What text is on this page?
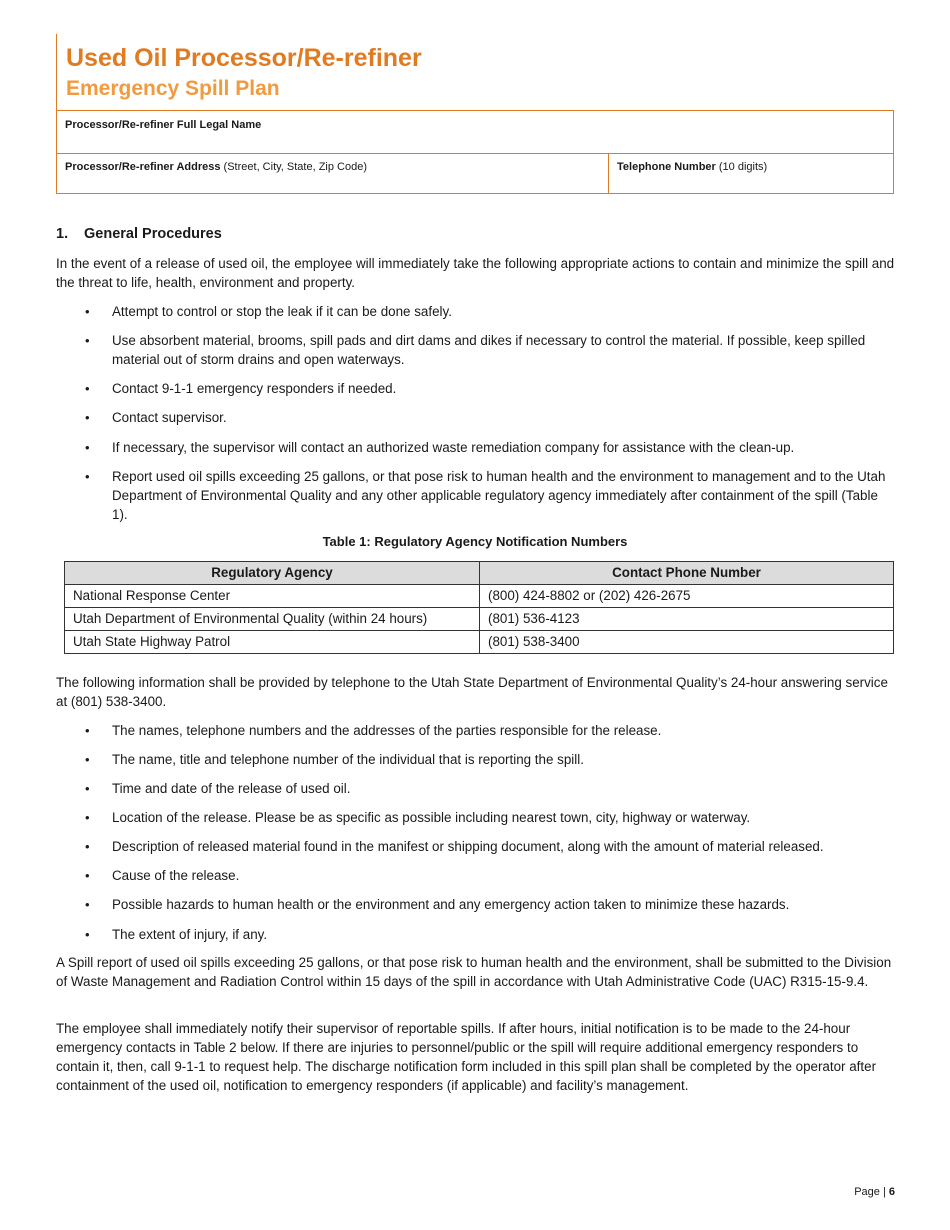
Used Oil Processor/Re-refiner
Emergency Spill Plan
Processor/Re-refiner Full Legal Name
Processor/Re-refiner Address (Street, City, State, Zip Code)	Telephone Number (10 digits)
1. General Procedures

In the event of a release of used oil, the employee will immediately take the following appropriate actions to contain and minimize the spill and the threat to life, health, environment and property.

• Attempt to control or stop the leak if it can be done safely.
• Use absorbent material, brooms, spill pads and dirt dams and dikes if necessary to control the material. If possible, keep spilled material out of storm drains and open waterways.
• Contact 9-1-1 emergency responders if needed.
• Contact supervisor.
• If necessary, the supervisor will contact an authorized waste remediation company for assistance with the clean-up.
• Report used oil spills exceeding 25 gallons, or that pose risk to human health and the environment to management and to the Utah Department of Environmental Quality and any other applicable regulatory agency immediately after containment of the spill (Table 1).

Table 1: Regulatory Agency Notification Numbers

Regulatory Agency	Contact Phone Number
National Response Center	(800) 424-8802 or (202) 426-2675
Utah Department of Environmental Quality (within 24 hours)	(801) 536-4123
Utah State Highway Patrol	(801) 538-3400

The following information shall be provided by telephone to the Utah State Department of Environmental Quality’s 24-hour answering service at (801) 538-3400.

• The names, telephone numbers and the addresses of the parties responsible for the release.
• The name, title and telephone number of the individual that is reporting the spill.
• Time and date of the release of used oil.
• Location of the release. Please be as specific as possible including nearest town, city, highway or waterway.
• Description of released material found in the manifest or shipping document, along with the amount of material released.
• Cause of the release.
• Possible hazards to human health or the environment and any emergency action taken to minimize these hazards.
• The extent of injury, if any.

A Spill report of used oil spills exceeding 25 gallons, or that pose risk to human health and the environment, shall be submitted to the Division of Waste Management and Radiation Control within 15 days of the spill in accordance with Utah Administrative Code (UAC) R315-15-9.4.

The employee shall immediately notify their supervisor of reportable spills. If after hours, initial notification is to be made to the 24-hour emergency contacts in Table 2 below. If there are injuries to personnel/public or the spill will require additional emergency responders to contain it, then, call 9-1-1 to request help. The discharge notification form included in this spill plan shall be completed by the operator after containment of the used oil, notification to emergency responders (if applicable) and facility’s management.

Page | 6
